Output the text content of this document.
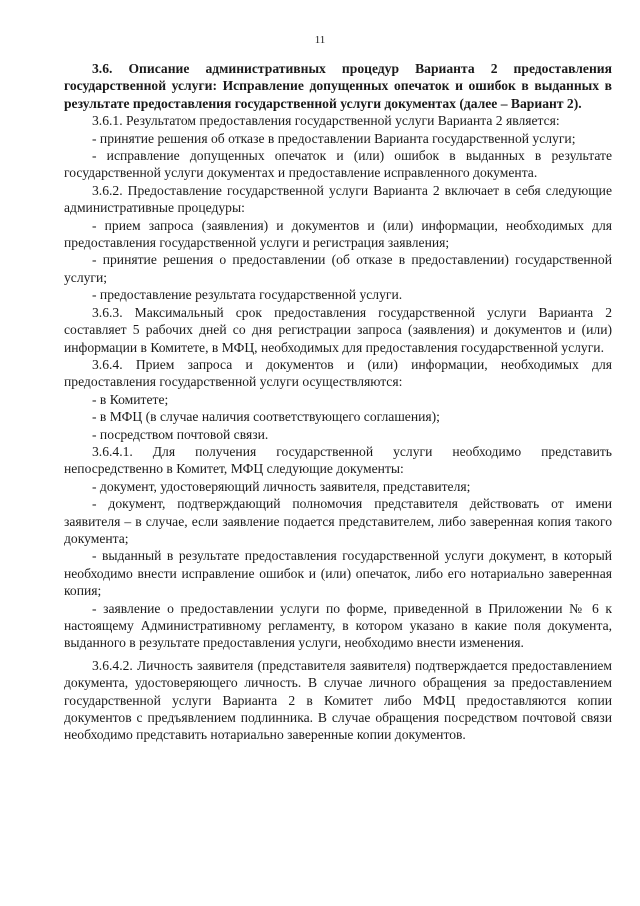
11

3.6. Описание административных процедур Варианта 2 предоставления государственной услуги: Исправление допущенных опечаток и ошибок в выданных в результате предоставления государственной услуги документах (далее – Вариант 2).

3.6.1. Результатом предоставления государственной услуги Варианта 2 является:

- принятие решения об отказе в предоставлении Варианта государственной услуги;

- исправление допущенных опечаток и (или) ошибок в выданных в результате государственной услуги документах и предоставление исправленного документа.

3.6.2. Предоставление государственной услуги Варианта 2 включает в себя следующие административные процедуры:

- прием запроса (заявления) и документов и (или) информации, необходимых для предоставления государственной услуги и регистрация заявления;

- принятие решения о предоставлении (об отказе в предоставлении) государственной услуги;

- предоставление результата государственной услуги.

3.6.3. Максимальный срок предоставления государственной услуги Варианта 2 составляет 5 рабочих дней со дня регистрации запроса (заявления) и документов и (или) информации в Комитете, в МФЦ, необходимых для предоставления государственной услуги.

3.6.4. Прием запроса и документов и (или) информации, необходимых для предоставления государственной услуги осуществляются:

- в Комитете;

- в МФЦ (в случае наличия соответствующего соглашения);

- посредством почтовой связи.

3.6.4.1. Для получения государственной услуги необходимо представить непосредственно в Комитет, МФЦ следующие документы:

- документ, удостоверяющий личность заявителя, представителя;

- документ, подтверждающий полномочия представителя действовать от имени заявителя – в случае, если заявление подается представителем, либо заверенная копия такого документа;

- выданный в результате предоставления государственной услуги документ, в который необходимо внести исправление ошибок и (или) опечаток, либо его нотариально заверенная копия;

- заявление о предоставлении услуги по форме, приведенной в Приложении № 6 к настоящему Административному регламенту, в котором указано в какие поля документа, выданного в результате предоставления услуги, необходимо внести изменения.

3.6.4.2. Личность заявителя (представителя заявителя) подтверждается предоставлением документа, удостоверяющего личность. В случае личного обращения за предоставлением государственной услуги Варианта 2 в Комитет либо МФЦ предоставляются копии документов с предъявлением подлинника. В случае обращения посредством почтовой связи необходимо представить нотариально заверенные копии документов.
